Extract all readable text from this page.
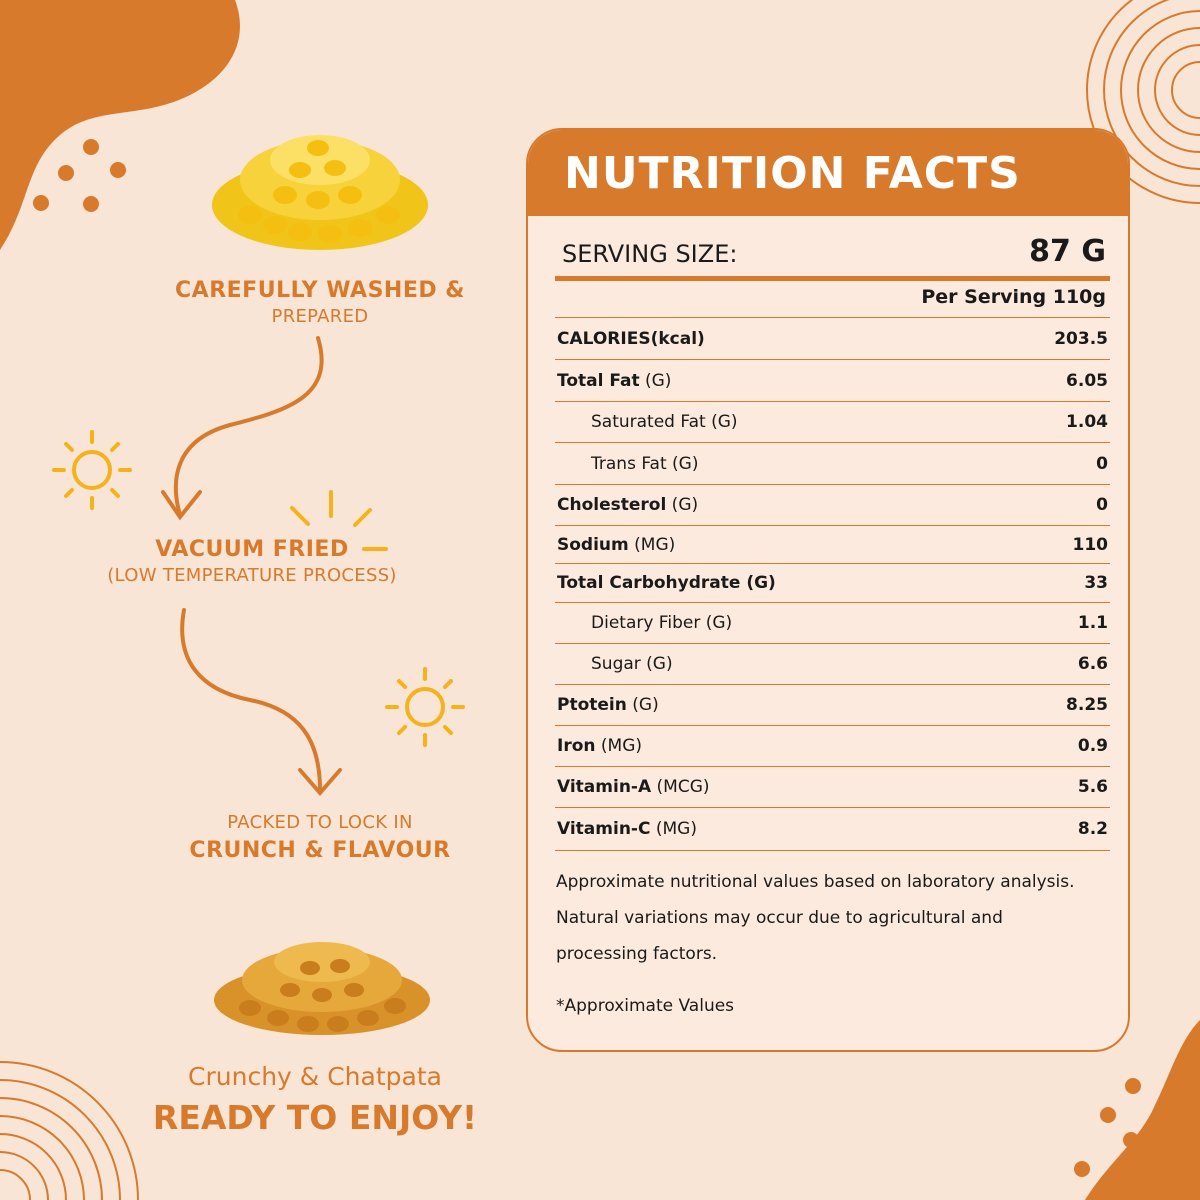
CAREFULLY WASHED &
PREPARED
VACUUM FRIED
(LOW TEMPERATURE PROCESS)
PACKED TO LOCK IN
CRUNCH & FLAVOUR
Crunchy & Chatpata
READY TO ENJOY!
NUTRITION FACTS
SERVING SIZE:	87 G
Per Serving 110g
CALORIES(kcal)	203.5
Total Fat (G)	6.05
Saturated Fat (G)	1.04
Trans Fat (G)	0
Cholesterol (G)	0
Sodium (MG)	110
Total Carbohydrate (G)	33
Dietary Fiber (G)	1.1
Sugar (G)	6.6
Ptotein (G)	8.25
Iron (MG)	0.9
Vitamin-A (MCG)	5.6
Vitamin-C (MG)	8.2
Approximate nutritional values based on laboratory analysis.
Natural variations may occur due to agricultural and
processing factors.
*Approximate Values
